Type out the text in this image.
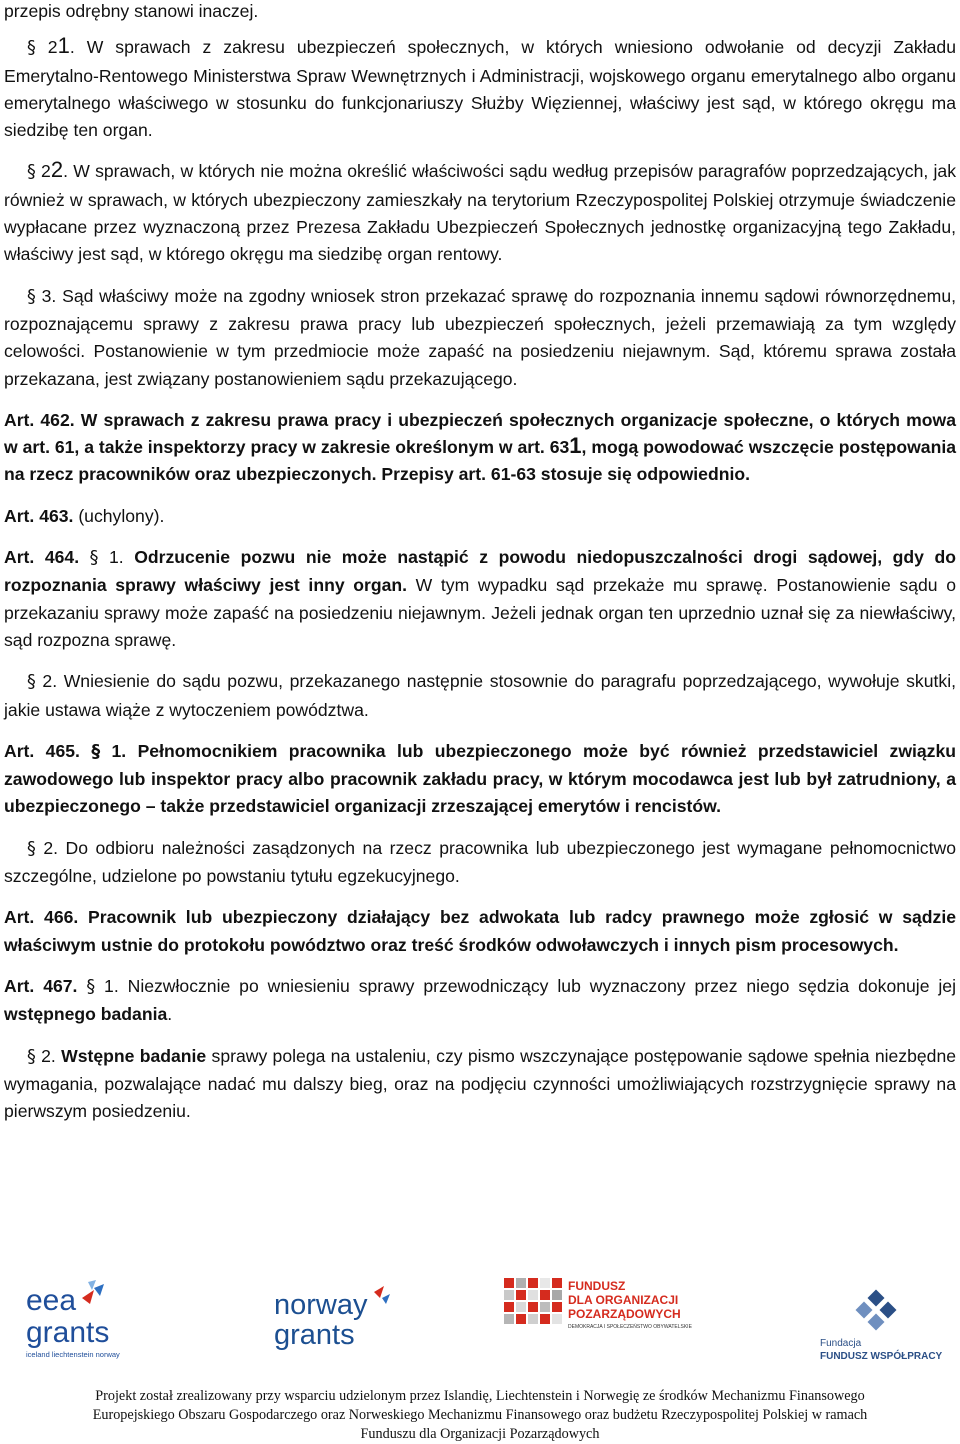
przepis odrębny stanowi inaczej.

§ 21. W sprawach z zakresu ubezpieczeń społecznych, w których wniesiono odwołanie od decyzji Zakładu Emerytalno-Rentowego Ministerstwa Spraw Wewnętrznych i Administracji, wojskowego organu emerytalnego albo organu emerytalnego właściwego w stosunku do funkcjonariuszy Służby Więziennej, właściwy jest sąd, w którego okręgu ma siedzibę ten organ.

§ 22. W sprawach, w których nie można określić właściwości sądu według przepisów paragrafów poprzedzających, jak również w sprawach, w których ubezpieczony zamieszkały na terytorium Rzeczypospolitej Polskiej otrzymuje świadczenie wypłacane przez wyznaczoną przez Prezesa Zakładu Ubezpieczeń Społecznych jednostkę organizacyjną tego Zakładu, właściwy jest sąd, w którego okręgu ma siedzibę organ rentowy.

§ 3. Sąd właściwy może na zgodny wniosek stron przekazać sprawę do rozpoznania innemu sądowi równorzędnemu, rozpoznającemu sprawy z zakresu prawa pracy lub ubezpieczeń społecznych, jeżeli przemawiają za tym względy celowości. Postanowienie w tym przedmiocie może zapaść na posiedzeniu niejawnym. Sąd, któremu sprawa została przekazana, jest związany postanowieniem sądu przekazującego.

Art. 462. W sprawach z zakresu prawa pracy i ubezpieczeń społecznych organizacje społeczne, o których mowa w art. 61, a także inspektorzy pracy w zakresie określonym w art. 631, mogą powodować wszczęcie postępowania na rzecz pracowników oraz ubezpieczonych. Przepisy art. 61-63 stosuje się odpowiednio.

Art. 463. (uchylony).

Art. 464. § 1. Odrzucenie pozwu nie może nastąpić z powodu niedopuszczalności drogi sądowej, gdy do rozpoznania sprawy właściwy jest inny organ. W tym wypadku sąd przekaże mu sprawę. Postanowienie sądu o przekazaniu sprawy może zapaść na posiedzeniu niejawnym. Jeżeli jednak organ ten uprzednio uznał się za niewłaściwy, sąd rozpozna sprawę.

§ 2. Wniesienie do sądu pozwu, przekazanego następnie stosownie do paragrafu poprzedzającego, wywołuje skutki, jakie ustawa wiąże z wytoczeniem powództwa.

Art. 465. § 1. Pełnomocnikiem pracownika lub ubezpieczonego może być również przedstawiciel związku zawodowego lub inspektor pracy albo pracownik zakładu pracy, w którym mocodawca jest lub był zatrudniony, a ubezpieczonego – także przedstawiciel organizacji zrzeszającej emerytów i rencistów.

§ 2. Do odbioru należności zasądzonych na rzecz pracownika lub ubezpieczonego jest wymagane pełnomocnictwo szczególne, udzielone po powstaniu tytułu egzekucyjnego.

Art. 466. Pracownik lub ubezpieczony działający bez adwokata lub radcy prawnego może zgłosić w sądzie właściwym ustnie do protokołu powództwo oraz treść środków odwoławczych i innych pism procesowych.

Art. 467. § 1. Niezwłocznie po wniesieniu sprawy przewodniczący lub wyznaczony przez niego sędzia dokonuje jej wstępnego badania.

§ 2. Wstępne badanie sprawy polega na ustaleniu, czy pismo wszczynające postępowanie sądowe spełnia niezbędne wymagania, pozwalające nadać mu dalszy bieg, oraz na podjęciu czynności umożliwiających rozstrzygnięcie sprawy na pierwszym posiedzeniu.

eea
grants
iceland liechtenstein norway
norway
grants
FUNDUSZ
DLA ORGANIZACJI
POZARZĄDOWYCH
DEMOKRACJA I SPOŁECZEŃSTWO OBYWATELSKIE
Fundacja
FUNDUSZ WSPÓŁPRACY
Projekt został zrealizowany przy wsparciu udzielonym przez Islandię, Liechtenstein i Norwegię ze środków Mechanizmu Finansowego
Europejskiego Obszaru Gospodarczego oraz Norweskiego Mechanizmu Finansowego oraz budżetu Rzeczypospolitej Polskiej w ramach
Funduszu dla Organizacji Pozarządowych
